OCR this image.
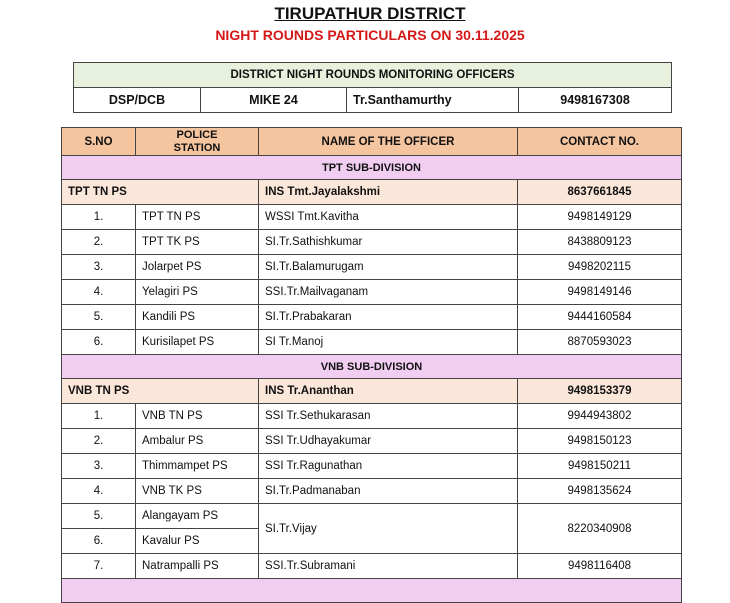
TIRUPATHUR DISTRICT
NIGHT ROUNDS PARTICULARS ON 30.11.2025
DISTRICT NIGHT ROUNDS MONITORING OFFICERS
DSP/DCB	MIKE 24	Tr.Santhamurthy	9498167308
S.NO	POLICE STATION	NAME OF THE OFFICER	CONTACT NO.
TPT SUB-DIVISION			
TPT TN PS		INS Tmt.Jayalakshmi	8637661845
1.	TPT TN PS	WSSI Tmt.Kavitha	9498149129
2.	TPT TK PS	SI.Tr.Sathishkumar	8438809123
3.	Jolarpet PS	SI.Tr.Balamurugam	9498202115
4.	Yelagiri PS	SSI.Tr.Mailvaganam	9498149146
5.	Kandili PS	SI.Tr.Prabakaran	9444160584
6.	Kurisilapet PS	SI Tr.Manoj	8870593023
VNB SUB-DIVISION			
VNB TN PS		INS Tr.Ananthan	9498153379
1.	VNB TN PS	SSI Tr.Sethukarasan	9944943802
2.	Ambalur PS	SSI Tr.Udhayakumar	9498150123
3.	Thimmampet PS	SSI Tr.Ragunathan	9498150211
4.	VNB TK PS	SI.Tr.Padmanaban	9498135624
5.	Alangayam PS	SI.Tr.Vijay	8220340908
6.	Kavalur PS		
7.	Natrampalli PS	SSI.Tr.Subramani	9498116408
